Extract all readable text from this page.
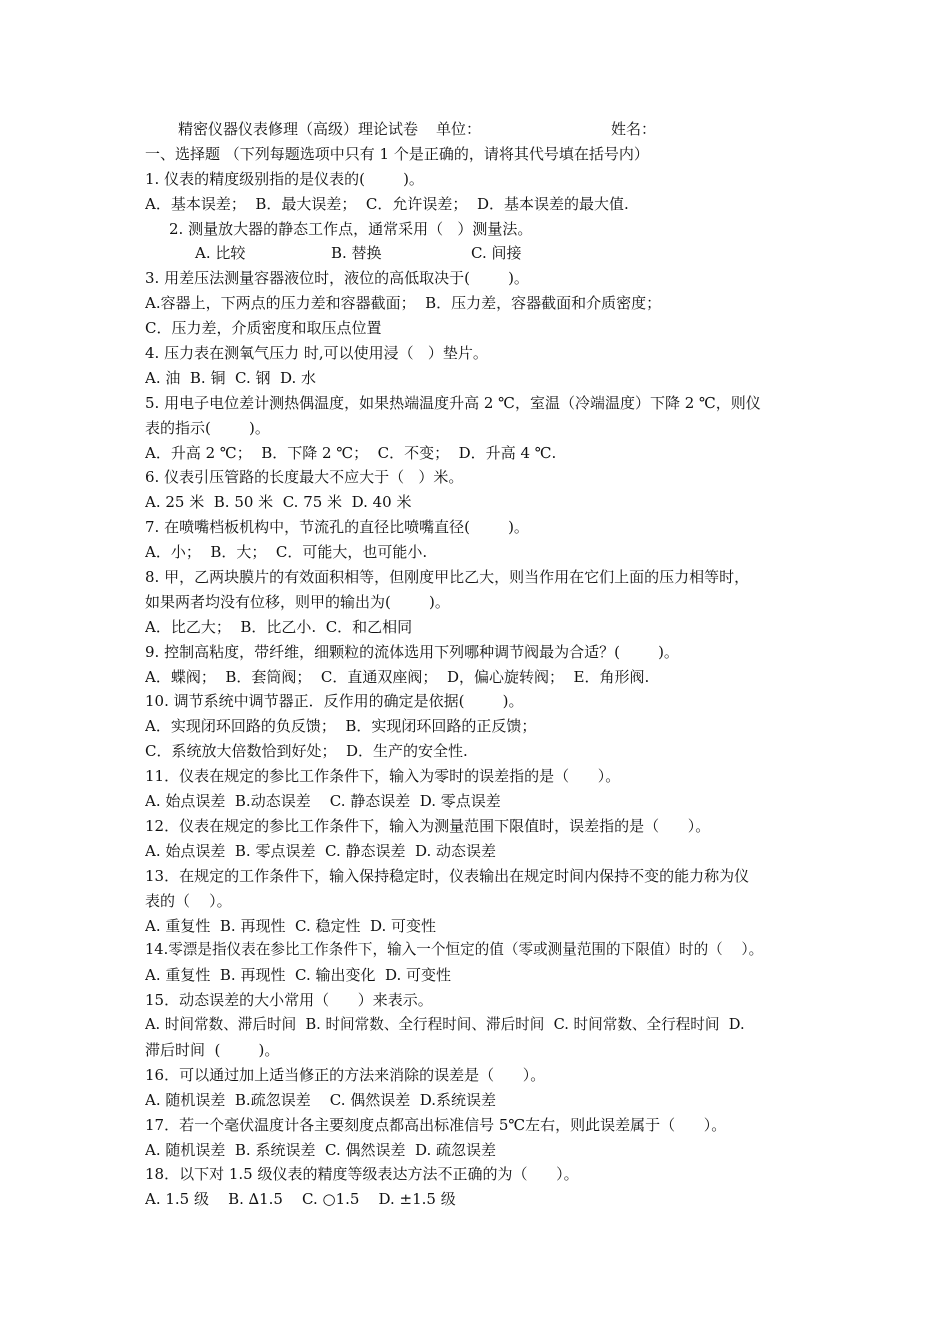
精密仪器仪表修理（高级）理论试卷 单位：	姓名：
一、选择题 （下列每题选项中只有 1 个是正确的，请将其代号填在括号内）
1. 仪表的精度级别指的是仪表的(        )。
A．基本误差；  B．最大误差；  C．允许误差；  D．基本误差的最大值.
2. 测量放大器的静态工作点，通常采用（   ）测量法。
A. 比较	B. 替换	C. 间接
3. 用差压法测量容器液位时，液位的高低取决于(        )。
A.容器上，下两点的压力差和容器截面；  B．压力差，容器截面和介质密度；
C．压力差，介质密度和取压点位置
4. 压力表在测氧气压力 时,可以使用浸（   ）垫片。
A. 油  B. 铜  C. 钢  D. 水
5. 用电子电位差计测热偶温度，如果热端温度升高 2 ℃，室温（冷端温度）下降 2 ℃，则仪
表的指示(        )。
A．升高 2 ℃；  B．下降 2 ℃；  C．不变；  D．升高 4 ℃.
6. 仪表引压管路的长度最大不应大于（   ）米。
A. 25 米  B. 50 米  C. 75 米  D. 40 米
7. 在喷嘴档板机构中，节流孔的直径比喷嘴直径(        )。
A．小；  B．大；  C．可能大，也可能小.
8. 甲，乙两块膜片的有效面积相等，但刚度甲比乙大，则当作用在它们上面的压力相等时，
如果两者均没有位移，则甲的输出为(        )。
A．比乙大；  B．比乙小.  C．和乙相同
9. 控制高粘度，带纤维，细颗粒的流体选用下列哪种调节阀最为合适？(        )。
A．蝶阀；  B．套筒阀；  C．直通双座阀；  D，偏心旋转阀；  E．角形阀.
10. 调节系统中调节器正．反作用的确定是依据(        )。
A．实现闭环回路的负反馈；  B．实现闭环回路的正反馈；
C．系统放大倍数恰到好处；  D．生产的安全性.
11．仪表在规定的参比工作条件下，输入为零时的误差指的是（      ）。
A. 始点误差  B.动态误差    C. 静态误差  D. 零点误差
12．仪表在规定的参比工作条件下，输入为测量范围下限值时，误差指的是（      ）。
A. 始点误差  B. 零点误差  C. 静态误差  D. 动态误差
13．在规定的工作条件下，输入保持稳定时，仪表输出在规定时间内保持不变的能力称为仪
表的（    ）。
A. 重复性  B. 再现性  C. 稳定性  D. 可变性
14.零漂是指仪表在参比工作条件下，输入一个恒定的值（零或测量范围的下限值）时的（    ）。
A. 重复性  B. 再现性  C. 输出变化  D. 可变性
15．动态误差的大小常用（      ）来表示。
A. 时间常数、滞后时间  B. 时间常数、全行程时间、滞后时间  C. 时间常数、全行程时间  D.
滞后时间  (        )。
16．可以通过加上适当修正的方法来消除的误差是（      ）。
A. 随机误差  B.疏忽误差    C. 偶然误差  D.系统误差
17．若一个毫伏温度计各主要刻度点都高出标准信号 5℃左右，则此误差属于（      ）。
A. 随机误差  B. 系统误差  C. 偶然误差  D. 疏忽误差
18．以下对 1.5 级仪表的精度等级表达方法不正确的为（      ）。
A. 1.5 级    B. ∆1.5    C. ○1.5    D. ±1.5 级
